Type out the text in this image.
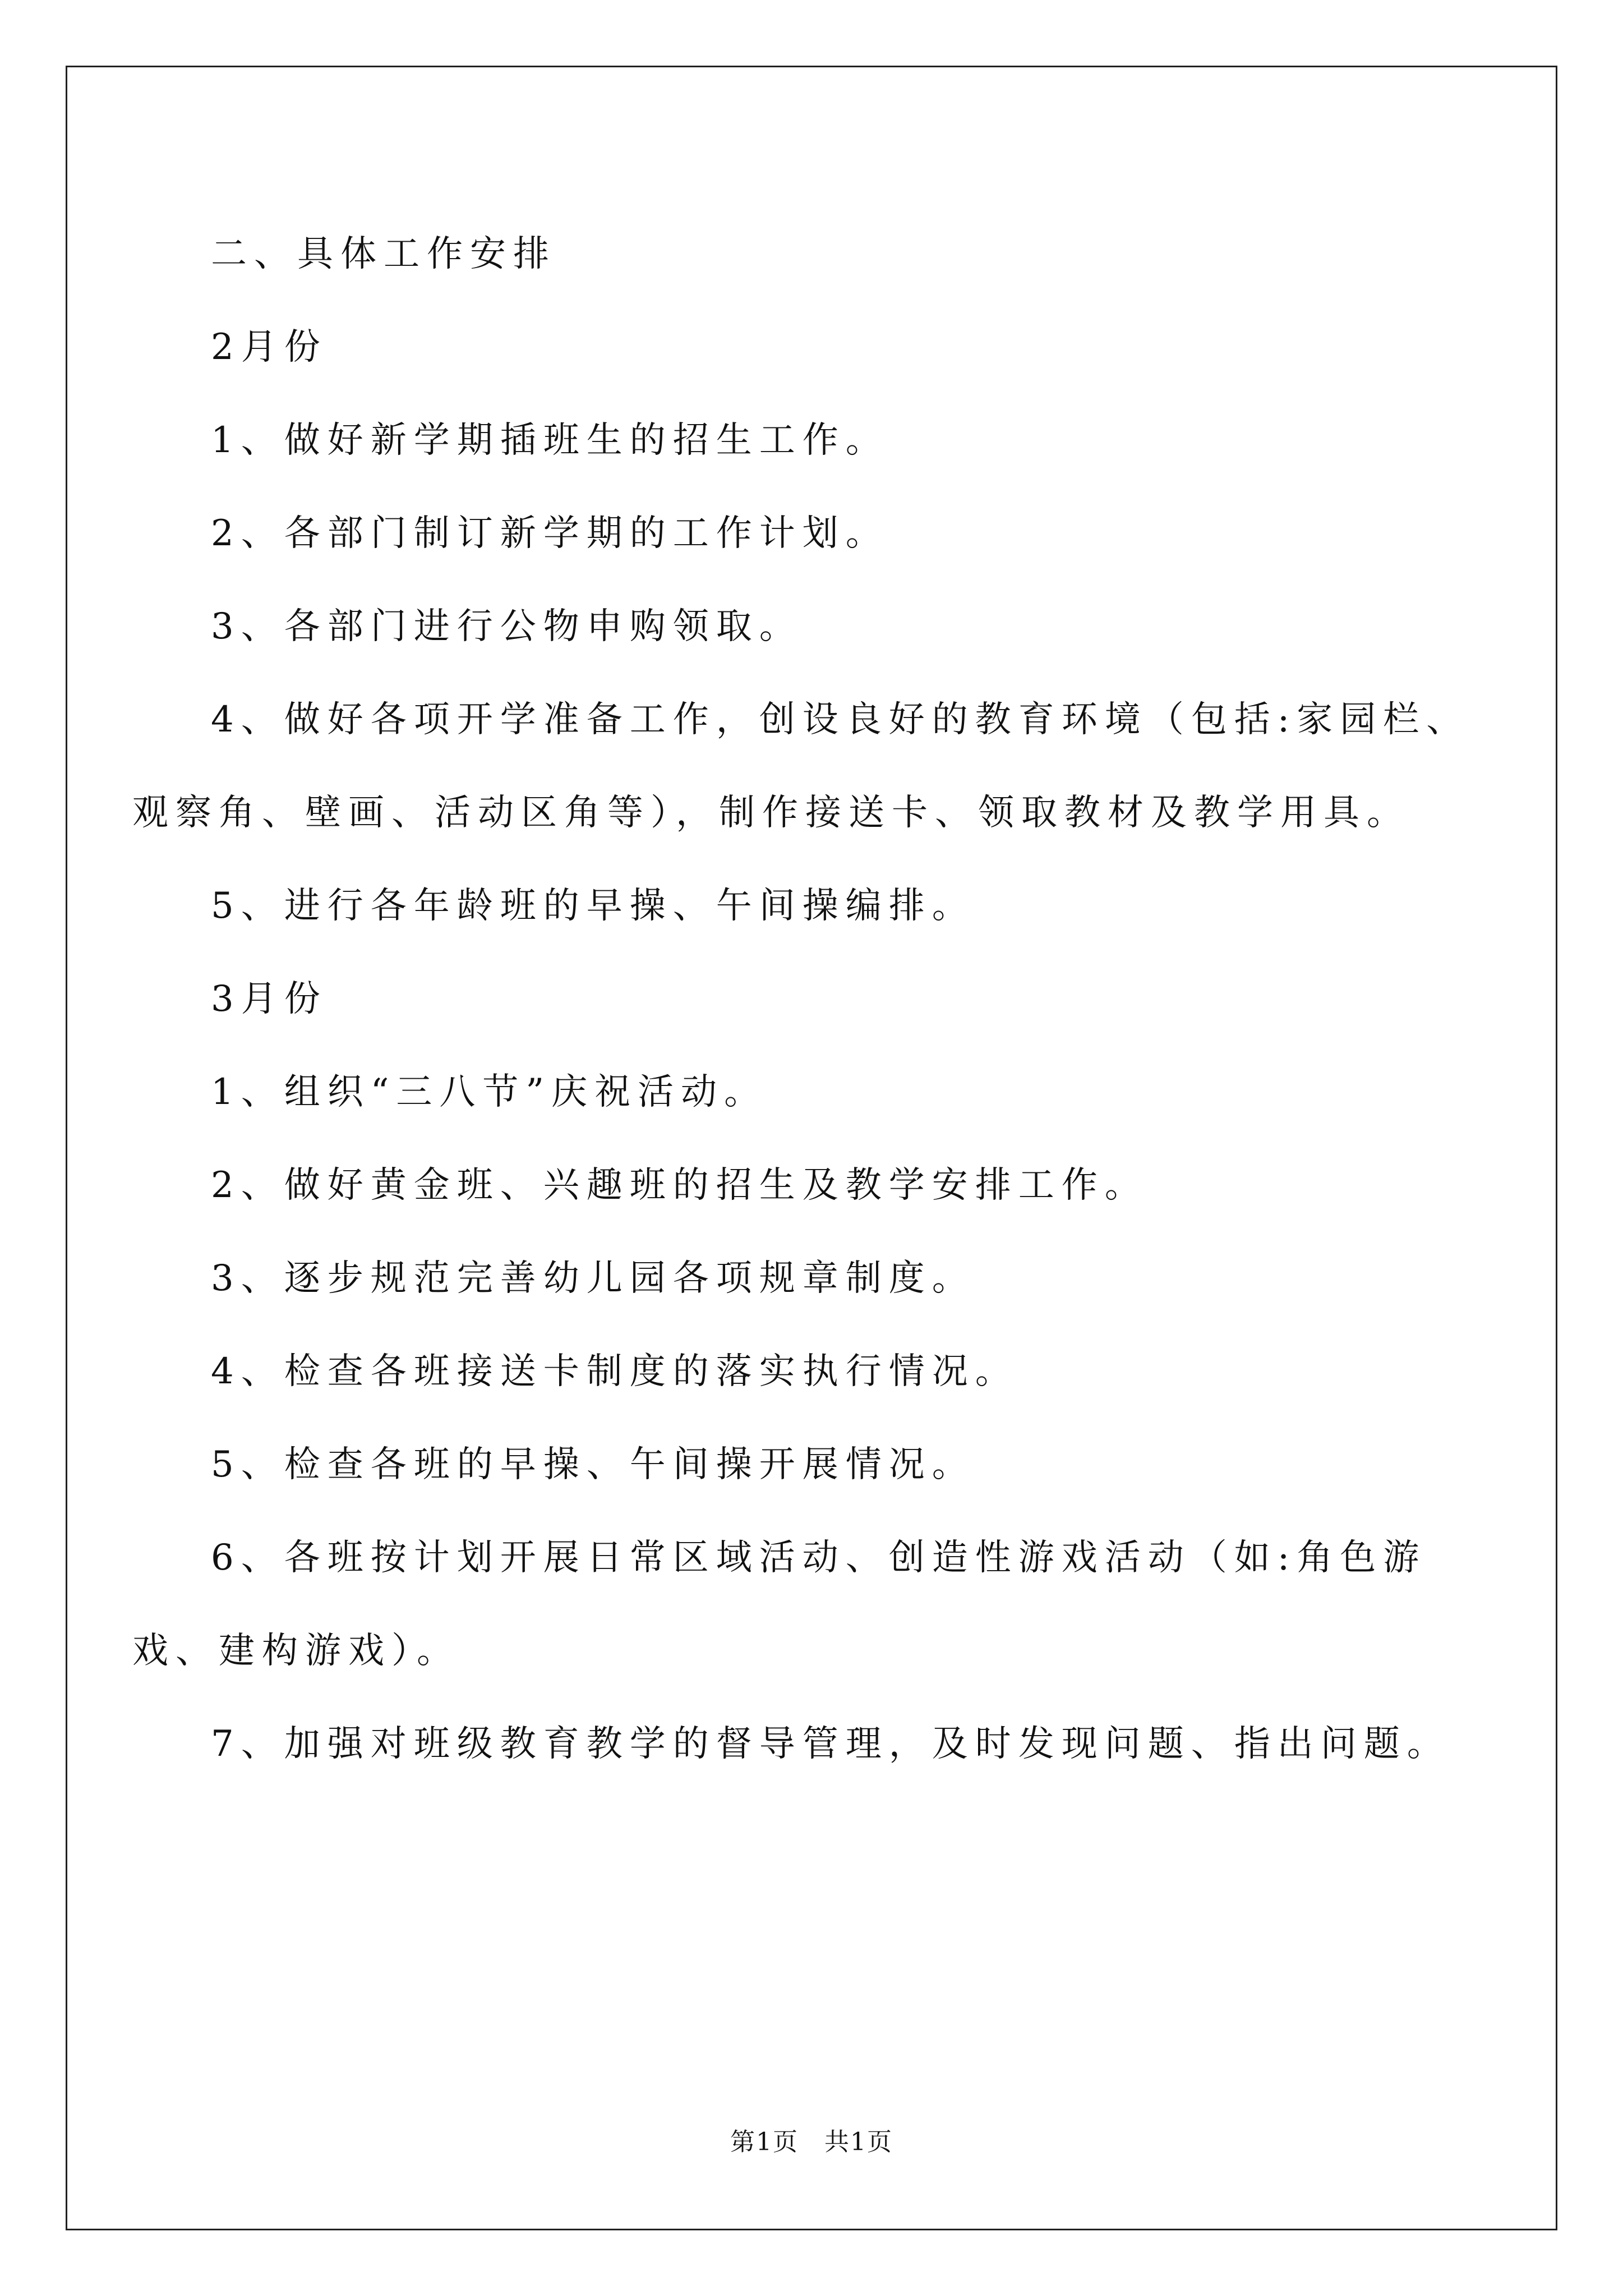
二、具体工作安排

2月份

1、做好新学期插班生的招生工作。

2、各部门制订新学期的工作计划。

3、各部门进行公物申购领取。

4、做好各项开学准备工作，创设良好的教育环境（包括:家园栏、观察角、壁画、活动区角等），制作接送卡、领取教材及教学用具。

5、进行各年龄班的早操、午间操编排。

3月份

1、组织“三八节”庆祝活动。

2、做好黄金班、兴趣班的招生及教学安排工作。

3、逐步规范完善幼儿园各项规章制度。

4、检查各班接送卡制度的落实执行情况。

5、检查各班的早操、午间操开展情况。

6、各班按计划开展日常区域活动、创造性游戏活动（如:角色游戏、建构游戏）。

7、加强对班级教育教学的督导管理，及时发现问题、指出问题。

第1页　共1页
